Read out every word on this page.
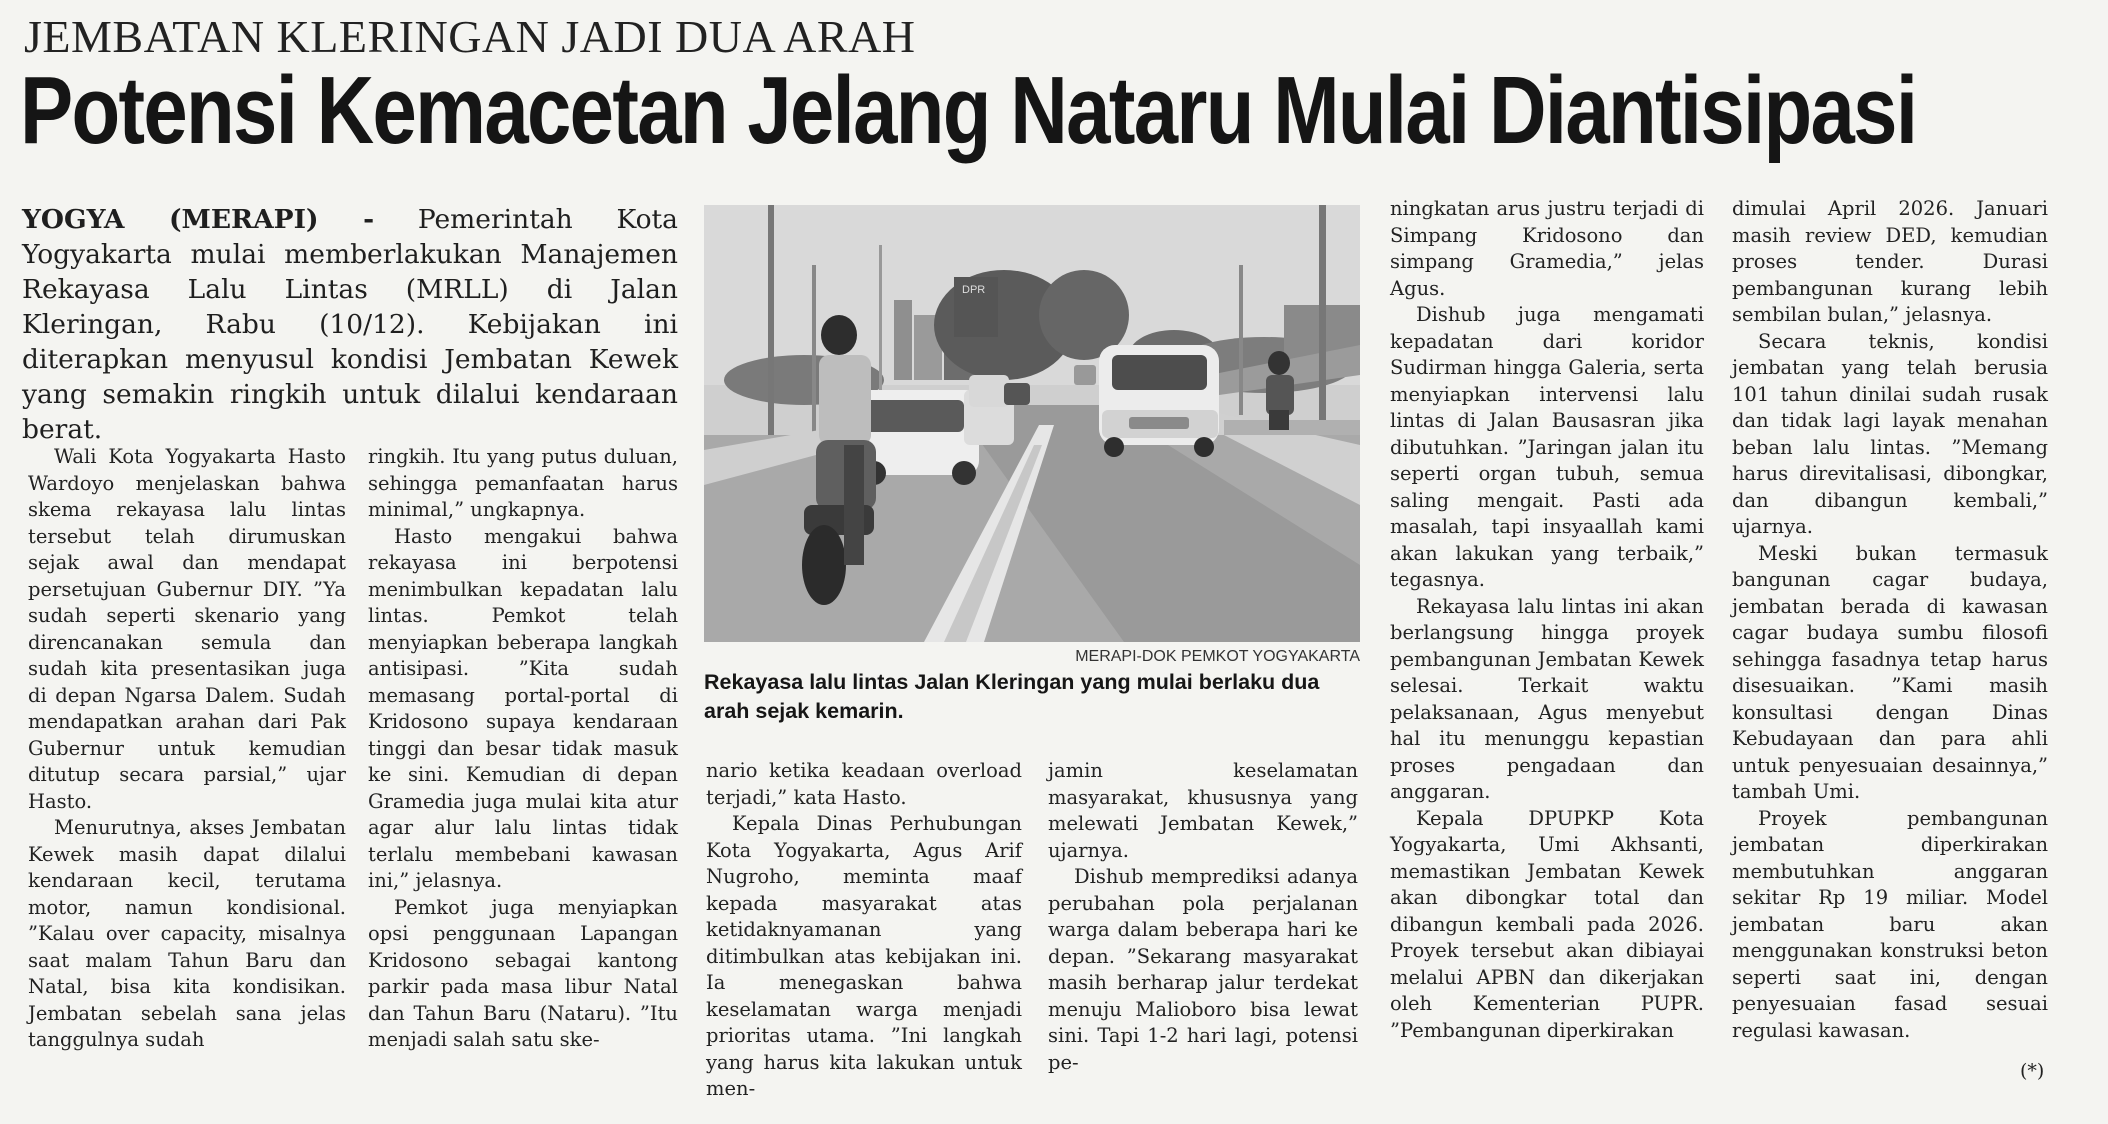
JEMBATAN KLERINGAN JADI DUA ARAH
Potensi Kemacetan Jelang Nataru Mulai Diantisipasi
YOGYA (MERAPI) - Pemerintah Kota Yogyakarta mulai memberlakukan Manajemen Rekayasa Lalu Lintas (MRLL) di Jalan Kleringan, Rabu (10/12). Kebijakan ini diterapkan menyusul kondisi Jembatan Kewek yang semakin ringkih untuk dilalui kendaraan berat.
DPR
MERAPI-DOK PEMKOT YOGYAKARTA
Rekayasa lalu lintas Jalan Kleringan yang mulai berlaku dua arah sejak kemarin.

Wali Kota Yogyakarta Hasto Wardoyo menjelaskan bahwa skema rekayasa lalu lintas tersebut telah dirumuskan sejak awal dan mendapat persetujuan Gubernur DIY. ”Ya sudah seperti skenario yang direncanakan semula dan sudah kita presentasikan juga di depan Ngarsa Dalem. Sudah mendapatkan arahan dari Pak Gubernur untuk kemudian ditutup secara parsial,” ujar Hasto.

Menurutnya, akses Jembatan Kewek masih dapat dilalui kendaraan kecil, terutama motor, namun kondisional. ”Kalau over capacity, misalnya saat malam Tahun Baru dan Natal, bisa kita kondisikan. Jembatan sebelah sana jelas tanggulnya sudah

ringkih. Itu yang putus duluan, sehingga pemanfaatan harus minimal,” ungkapnya.

Hasto mengakui bahwa rekayasa ini berpotensi menimbulkan kepadatan lalu lintas. Pemkot telah menyiapkan beberapa langkah antisipasi. ”Kita sudah memasang portal-portal di Kridosono supaya kendaraan tinggi dan besar tidak masuk ke sini. Kemudian di depan Gramedia juga mulai kita atur agar alur lalu lintas tidak terlalu membebani kawasan ini,” jelasnya.

Pemkot juga menyiapkan opsi penggunaan Lapangan Kridosono sebagai kantong parkir pada masa libur Natal dan Tahun Baru (Nataru). ”Itu menjadi salah satu ske-

nario ketika keadaan overload terjadi,” kata Hasto.

Kepala Dinas Perhubungan Kota Yogyakarta, Agus Arif Nugroho, meminta maaf kepada masyarakat atas ketidaknyamanan yang ditimbulkan atas kebijakan ini. Ia menegaskan bahwa keselamatan warga menjadi prioritas utama. ”Ini langkah yang harus kita lakukan untuk men-

jamin keselamatan masyarakat, khususnya yang melewati Jembatan Kewek,” ujarnya.

Dishub memprediksi adanya perubahan pola perjalanan warga dalam beberapa hari ke depan. ”Sekarang masyarakat masih berharap jalur terdekat menuju Malioboro bisa lewat sini. Tapi 1-2 hari lagi, potensi pe-

ningkatan arus justru terjadi di Simpang Kridosono dan simpang Gramedia,” jelas Agus.

Dishub juga mengamati kepadatan dari koridor Sudirman hingga Galeria, serta menyiapkan intervensi lalu lintas di Jalan Bausasran jika dibutuhkan. ”Jaringan jalan itu seperti organ tubuh, semua saling mengait. Pasti ada masalah, tapi insyaallah kami akan lakukan yang terbaik,” tegasnya.

Rekayasa lalu lintas ini akan berlangsung hingga proyek pembangunan Jembatan Kewek selesai. Terkait waktu pelaksanaan, Agus menyebut hal itu menunggu kepastian proses pengadaan dan anggaran.

Kepala DPUPKP Kota Yogyakarta, Umi Akhsanti, memastikan Jembatan Kewek akan dibongkar total dan dibangun kembali pada 2026. Proyek tersebut akan dibiayai melalui APBN dan dikerjakan oleh Kementerian PUPR. ”Pembangunan diperkirakan

dimulai April 2026. Januari masih review DED, kemudian proses tender. Durasi pembangunan kurang lebih sembilan bulan,” jelasnya.

Secara teknis, kondisi jembatan yang telah berusia 101 tahun dinilai sudah rusak dan tidak lagi layak menahan beban lalu lintas. ”Memang harus direvitalisasi, dibongkar, dan dibangun kembali,” ujarnya.

Meski bukan termasuk bangunan cagar budaya, jembatan berada di kawasan cagar budaya sumbu filosofi sehingga fasadnya tetap harus disesuaikan. ”Kami masih konsultasi dengan Dinas Kebudayaan dan para ahli untuk penyesuaian desainnya,” tambah Umi.

Proyek pembangunan jembatan diperkirakan membutuhkan anggaran sekitar Rp 19 miliar. Model jembatan baru akan menggunakan konstruksi beton seperti saat ini, dengan penyesuaian fasad sesuai regulasi kawasan.

(*)
